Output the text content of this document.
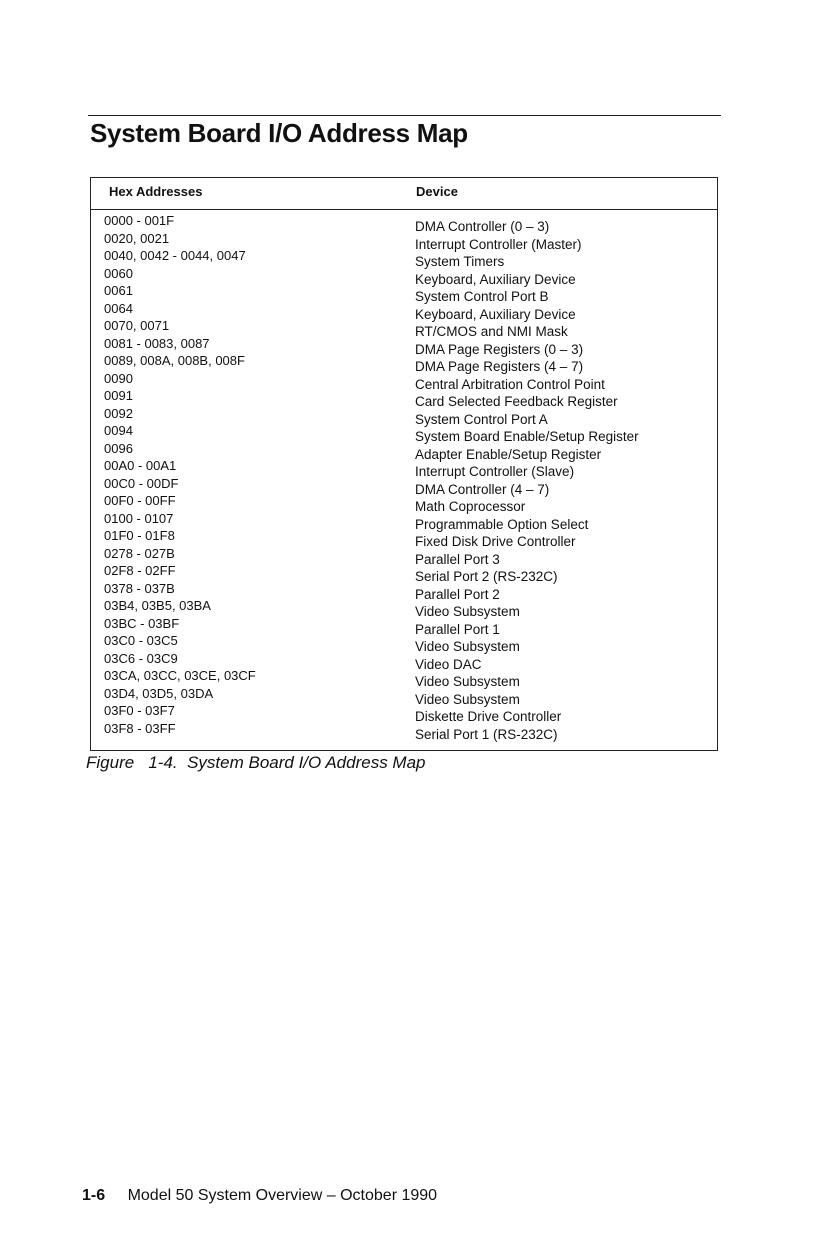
System Board I/O Address Map
Hex Addresses	Device
0000 - 001F
0020, 0021
0040, 0042 - 0044, 0047
0060
0061
0064
0070, 0071
0081 - 0083, 0087
0089, 008A, 008B, 008F
0090
0091
0092
0094
0096
00A0 - 00A1
00C0 - 00DF
00F0 - 00FF
0100 - 0107
01F0 - 01F8
0278 - 027B
02F8 - 02FF
0378 - 037B
03B4, 03B5, 03BA
03BC - 03BF
03C0 - 03C5
03C6 - 03C9
03CA, 03CC, 03CE, 03CF
03D4, 03D5, 03DA
03F0 - 03F7
03F8 - 03FF
DMA Controller (0 – 3)
Interrupt Controller (Master)
System Timers
Keyboard, Auxiliary Device
System Control Port B
Keyboard, Auxiliary Device
RT/CMOS and NMI Mask
DMA Page Registers (0 – 3)
DMA Page Registers (4 – 7)
Central Arbitration Control Point
Card Selected Feedback Register
System Control Port A
System Board Enable/Setup Register
Adapter Enable/Setup Register
Interrupt Controller (Slave)
DMA Controller (4 – 7)
Math Coprocessor
Programmable Option Select
Fixed Disk Drive Controller
Parallel Port 3
Serial Port 2 (RS-232C)
Parallel Port 2
Video Subsystem
Parallel Port 1
Video Subsystem
Video DAC
Video Subsystem
Video Subsystem
Diskette Drive Controller
Serial Port 1 (RS-232C)
Figure   1-4.  System Board I/O Address Map
1-6 Model 50 System Overview – October 1990
